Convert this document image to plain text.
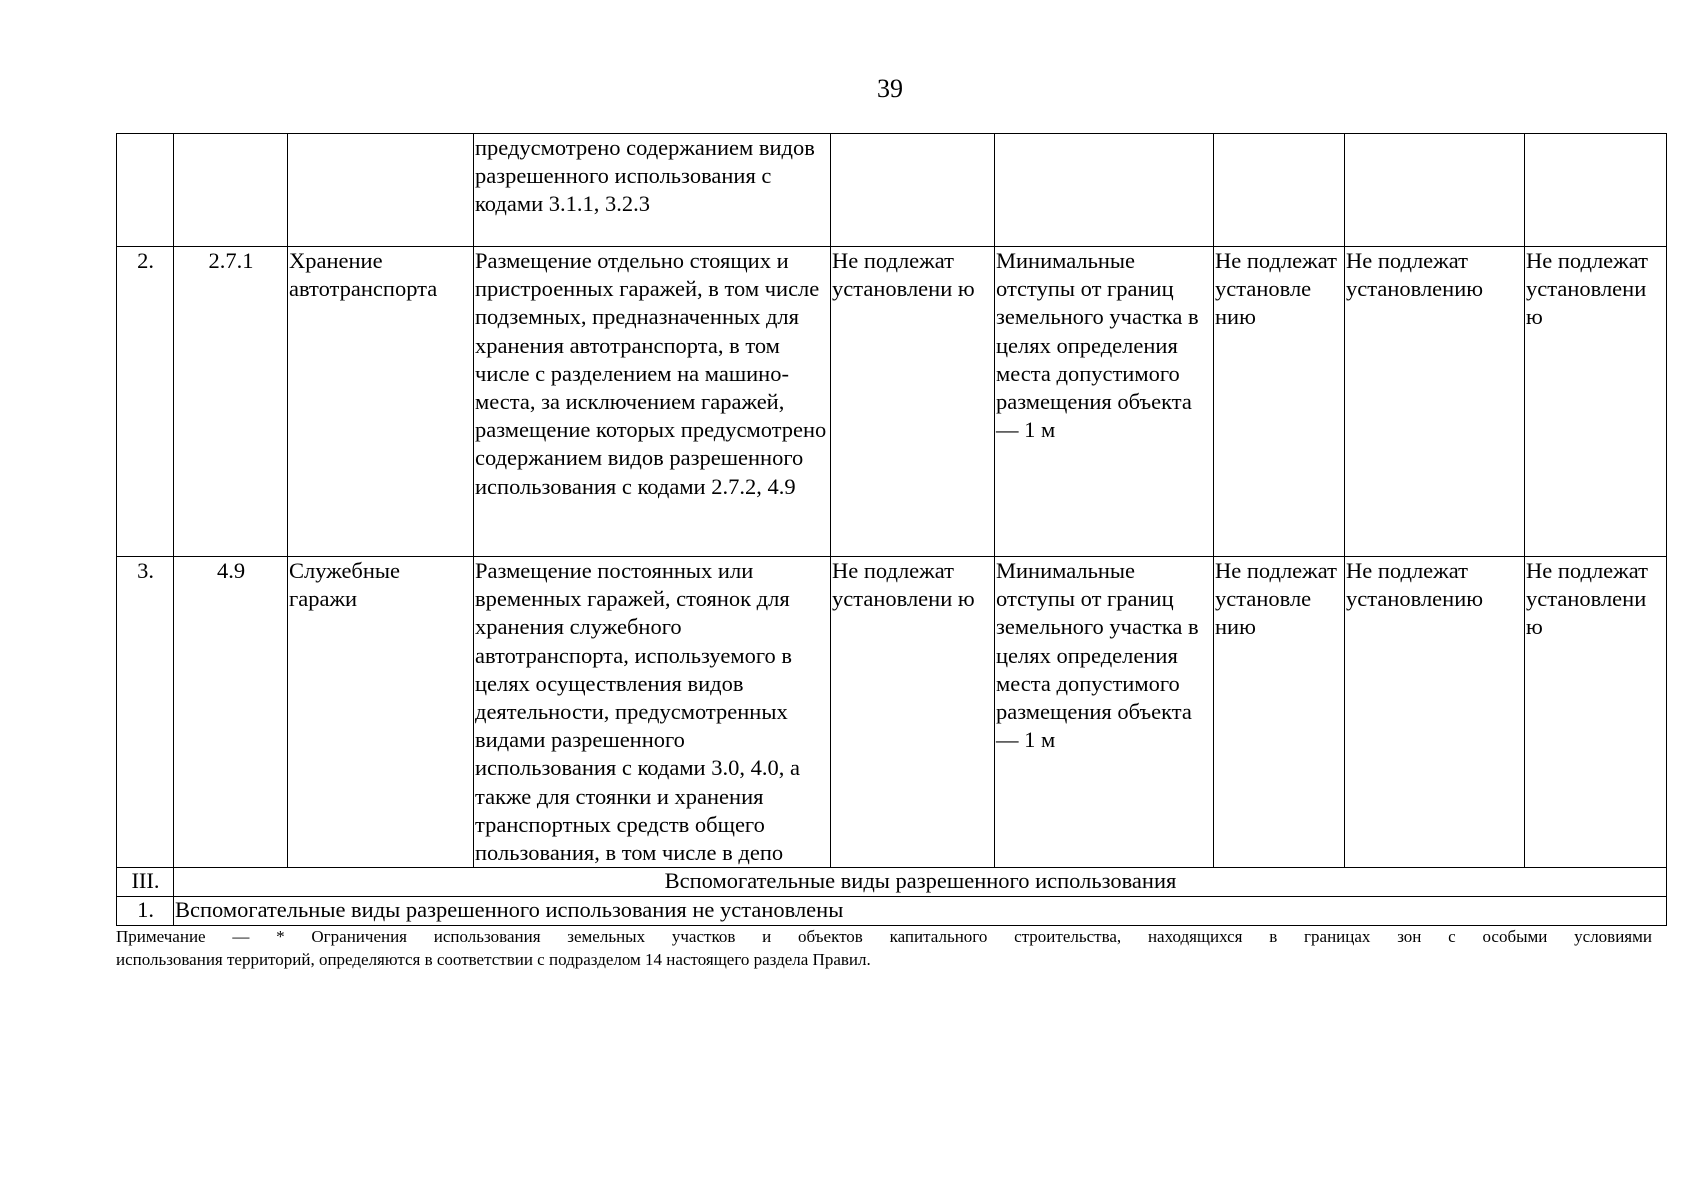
39
			предусмотрено содержанием видов разрешенного использования с кодами 3.1.1, 3.2.3					
2.	2.7.1	Хранение автотранспорта	Размещение отдельно стоящих и пристроенных гаражей, в том числе подземных, предназначенных для хранения автотранспорта, в том числе с разделением на машино-места, за исключением гаражей, размещение которых предусмотрено содержанием видов разрешенного использования с кодами 2.7.2, 4.9	Не подлежат установлени ю	Минимальные отступы от границ земельного участка в целях определения места допустимого размещения объекта — 1 м	Не подлежат установле нию	Не подлежат установлению	Не подлежат установлени ю
3.	4.9	Служебные гаражи	Размещение постоянных или временных гаражей, стоянок для хранения служебного автотранспорта, используемого в целях осуществления видов деятельности, предусмотренных видами разрешенного использования с кодами 3.0, 4.0, а также для стоянки и хранения транспортных средств общего пользования, в том числе в депо	Не подлежат установлени ю	Минимальные отступы от границ земельного участка в целях определения места допустимого размещения объекта — 1 м	Не подлежат установле нию	Не подлежат установлению	Не подлежат установлени ю
III.	Вспомогательные виды разрешенного использования							
1.	Вспомогательные виды разрешенного использования не установлены							
Примечание — * Ограничения использования земельных участков и объектов капитального строительства, находящихся в границах зон с особыми условиями
использования территорий, определяются в соответствии с подразделом 14 настоящего раздела Правил.
